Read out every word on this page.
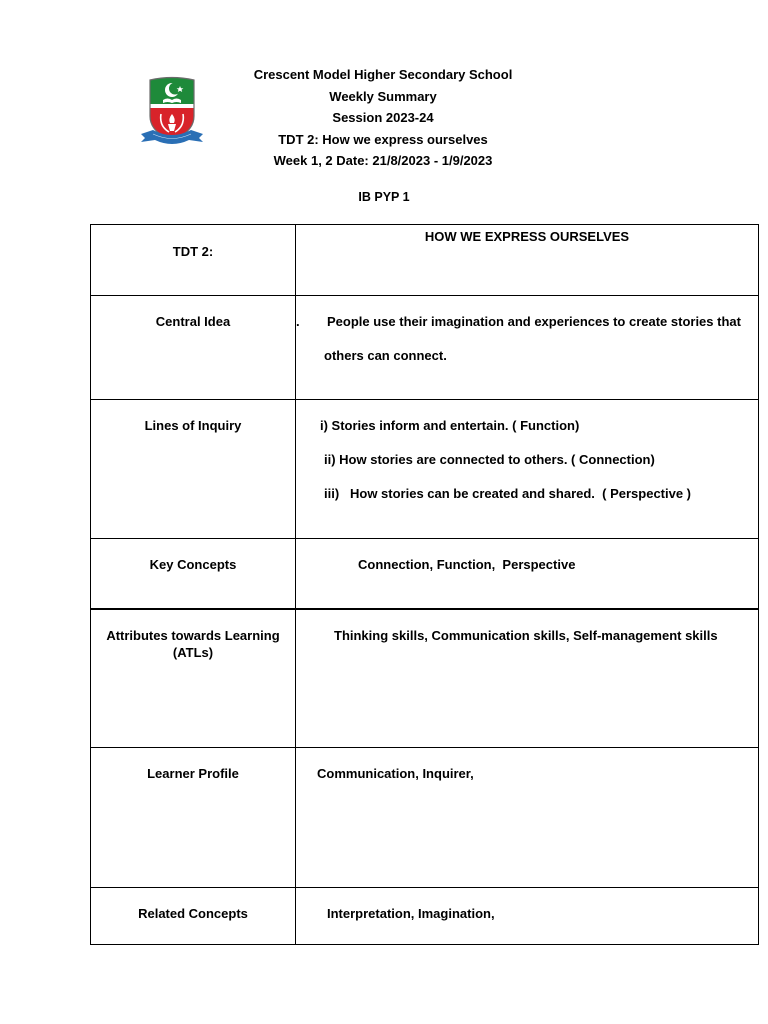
Crescent Model Higher Secondary School
Weekly Summary
Session 2023-24
TDT 2: How we express ourselves
Week 1, 2 Date: 21/8/2023 - 1/9/2023
IB PYP 1
TDT 2:	HOW WE EXPRESS OURSELVES

Central Idea	. People use their imagination and experiences to create stories that
others can connect.

Lines of Inquiry	i) Stories inform and entertain. ( Function)
ii) How stories are connected to others. ( Connection)
iii)   How stories can be created and shared.  ( Perspective )

Key Concepts	Connection, Function,  Perspective

Attributes towards Learning
(ATLs)	Thinking skills, Communication skills, Self-management skills

Learner Profile	Communication, Inquirer,

Related Concepts	Interpretation, Imagination,
